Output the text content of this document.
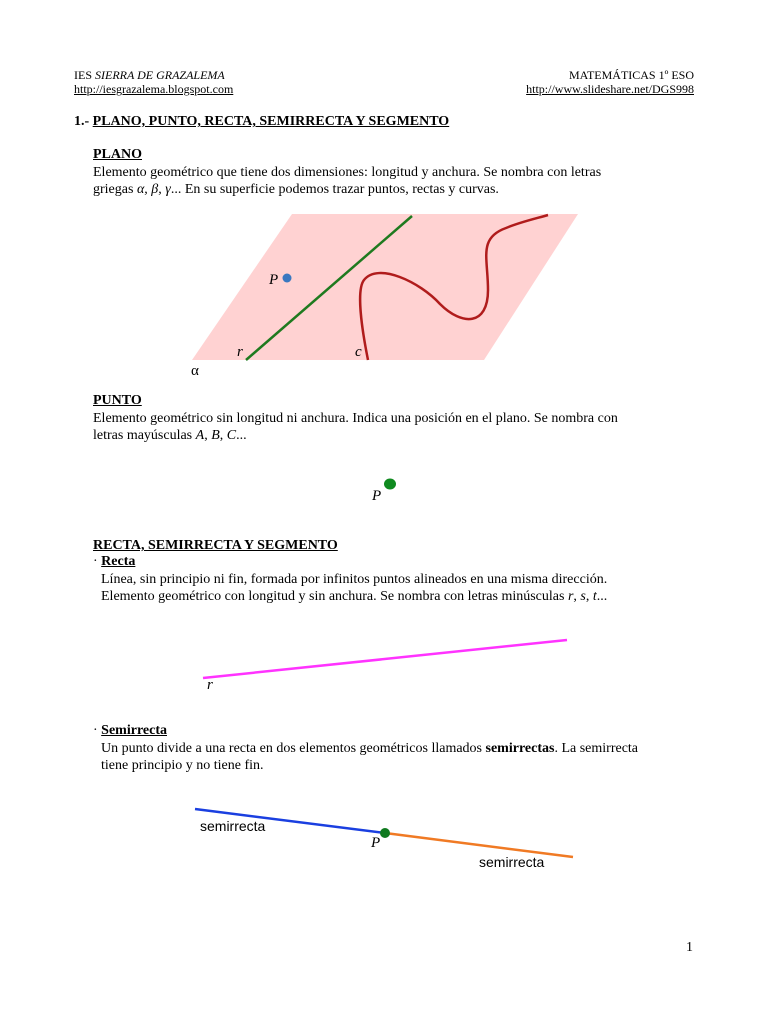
IES SIERRA DE GRAZALEMA
http://iesgrazalema.blogspot.com
MATEMÁTICAS 1º ESO
http://www.slideshare.net/DGS998
1.- PLANO, PUNTO, RECTA, SEMIRRECTA Y SEGMENTO
PLANO
Elemento geométrico que tiene dos dimensiones: longitud y anchura. Se nombra con letras
griegas α, β, γ... En su superficie podemos trazar puntos, rectas y curvas.
P
r	c
α
PUNTO
Elemento geométrico sin longitud ni anchura. Indica una posición en el plano. Se nombra con
letras mayúsculas A, B, C...
P
RECTA, SEMIRRECTA Y SEGMENTO
· Recta
Línea, sin principio ni fin, formada por infinitos puntos alineados en una misma dirección.
Elemento geométrico con longitud y sin anchura. Se nombra con letras minúsculas r, s, t...
r
· Semirrecta
Un punto divide a una recta en dos elementos geométricos llamados semirrectas. La semirrecta
tiene principio y no tiene fin.
semirrecta
P
semirrecta
1
